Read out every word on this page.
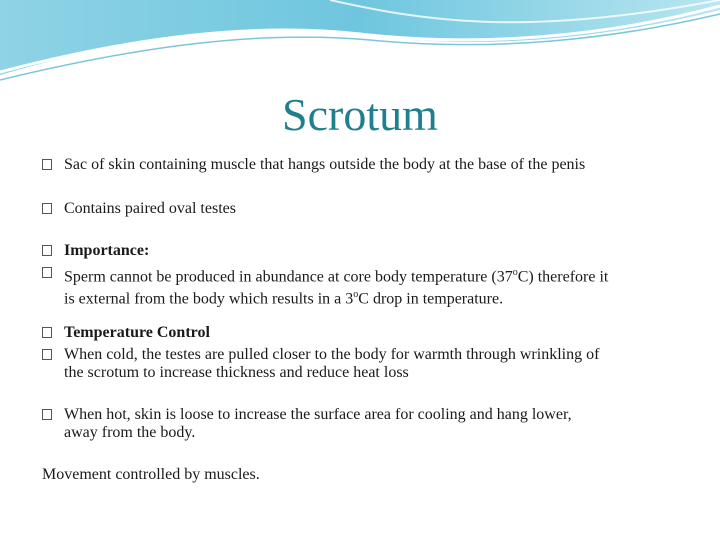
Scrotum
Sac of skin containing muscle that hangs outside the body at the base of the penis
Contains paired oval testes
Importance:
Sperm cannot be produced in abundance at core body temperature (37$^o$C) therefore it
is external from the body which results in a 3$^o$C drop in temperature.
Temperature Control
When cold, the testes are pulled closer to the body for warmth through wrinkling of
the scrotum to increase thickness and reduce heat loss
When hot, skin is loose to increase the surface area for cooling and hang lower,
away from the body.
Movement controlled by muscles.
